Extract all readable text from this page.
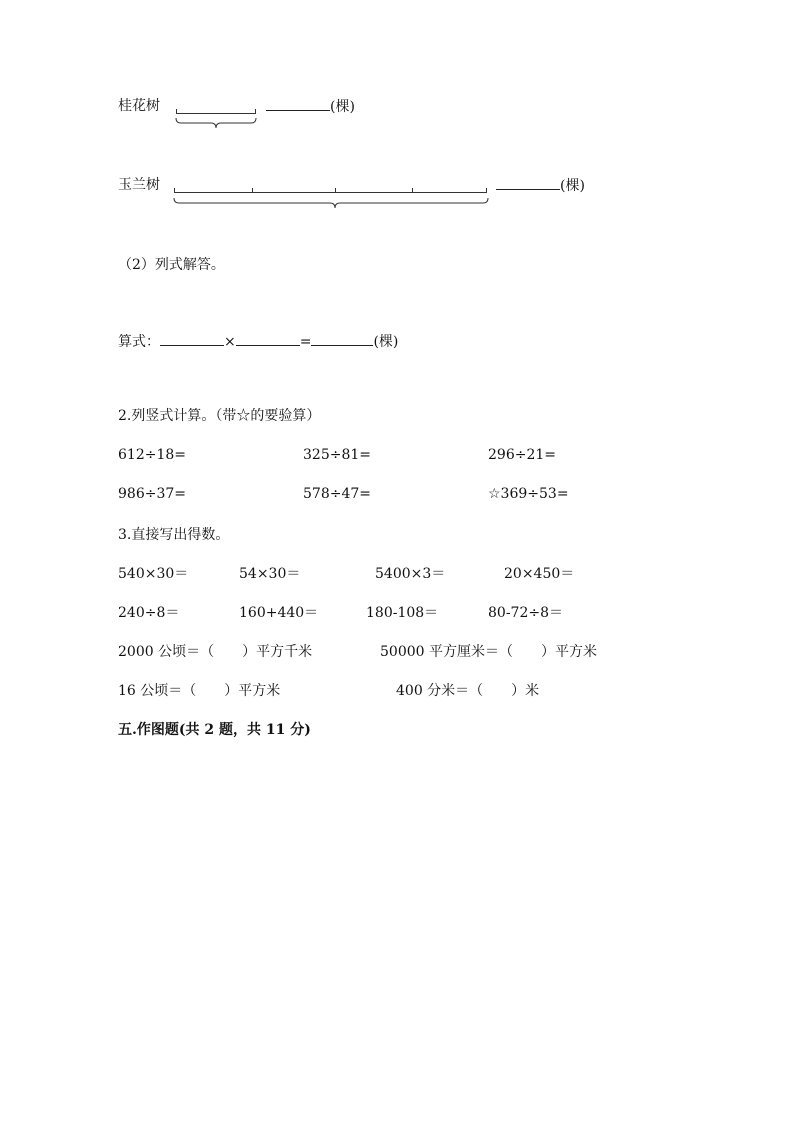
桂花树	(棵)
玉兰树	(棵)
（2）列式解答。
算式：	×	=	(棵)
2.列竖式计算。（带☆的要验算）
612÷18=	325÷81=	296÷21=
986÷37=	578÷47=	☆369÷53=
3.直接写出得数。
540×30＝	54×30＝	5400×3＝	20×450＝
240÷8＝	160+440＝	180-108＝	80-72÷8＝
2000 公顷＝（　　）平方千米	50000 平方厘米＝（　　）平方米
16 公顷＝（　　）平方米	400 分米＝（　　）米
五.作图题(共 2 题，共 11 分)
